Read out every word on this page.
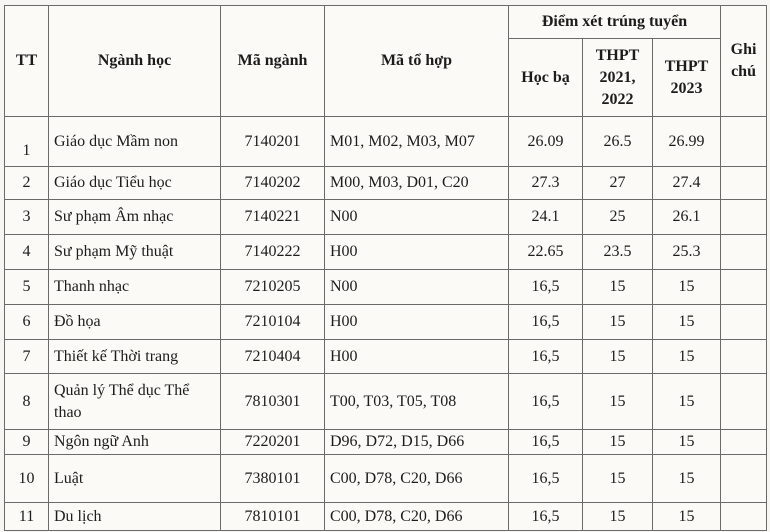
TT	Ngành học	Mã ngành	Mã tổ hợp	Điểm xét trúng tuyển			Ghi chú
				Học bạ	THPT 2021, 2022	THPT 2023	
1	Giáo dục Mầm non	7140201	M01, M02, M03, M07	26.09	26.5	26.99	
2	Giáo dục Tiểu học	7140202	M00, M03, D01, C20	27.3	27	27.4	
3	Sư phạm Âm nhạc	7140221	N00	24.1	25	26.1	
4	Sư phạm Mỹ thuật	7140222	H00	22.65	23.5	25.3	
5	Thanh nhạc	7210205	N00	16,5	15	15	
6	Đồ họa	7210104	H00	16,5	15	15	
7	Thiết kế Thời trang	7210404	H00	16,5	15	15	
8	Quản lý Thể dục Thể thao	7810301	T00, T03, T05, T08	16,5	15	15	
9	Ngôn ngữ Anh	7220201	D96, D72, D15, D66	16,5	15	15	
10	Luật	7380101	C00, D78, C20, D66	16,5	15	15	
11	Du lịch	7810101	C00, D78, C20, D66	16,5	15	15	
